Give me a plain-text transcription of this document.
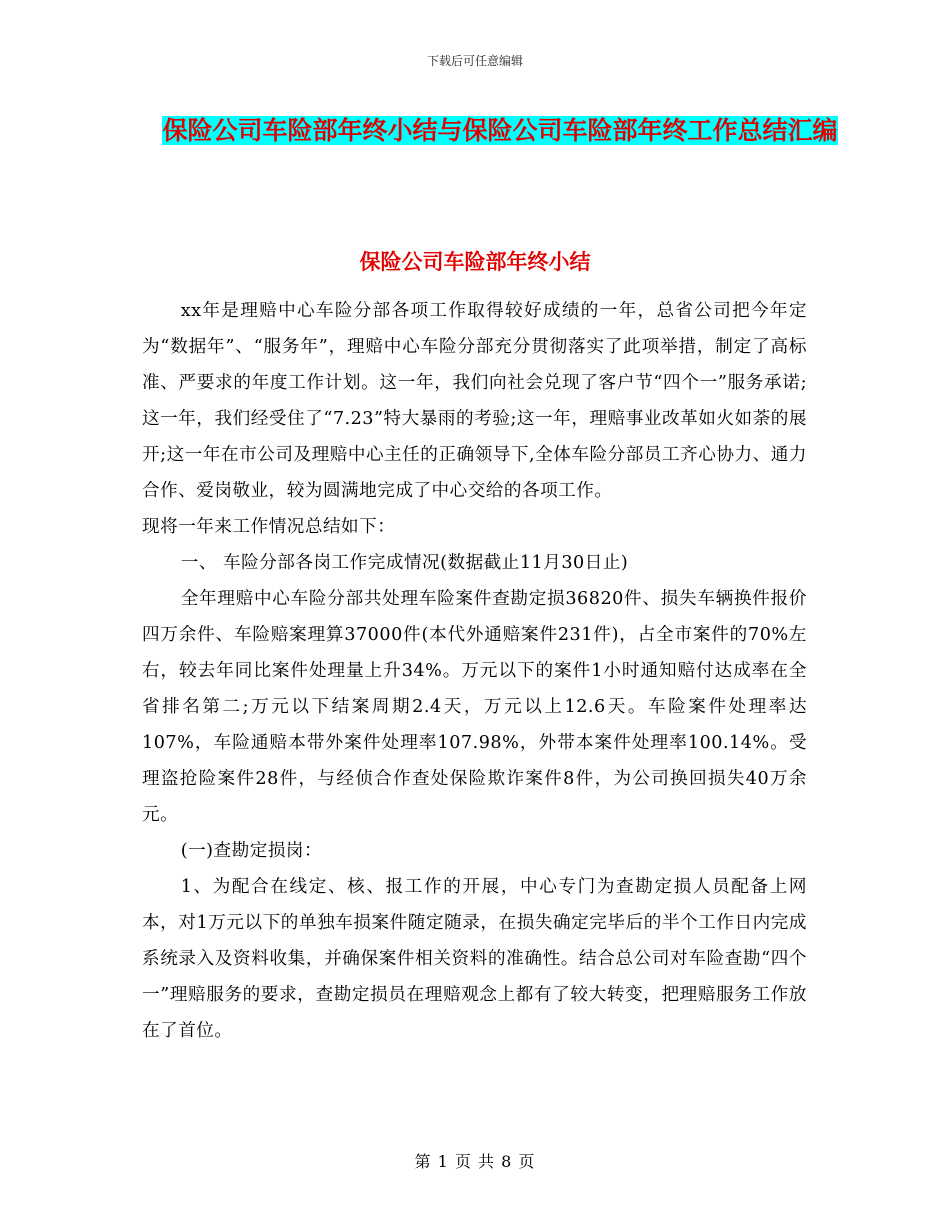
下载后可任意编辑
保险公司车险部年终小结与保险公司车险部年终工作总结汇编
保险公司车险部年终小结

xx年是理赔中心车险分部各项工作取得较好成绩的一年，总省公司把今年定为“数据年”、“服务年”，理赔中心车险分部充分贯彻落实了此项举措，制定了高标准、严要求的年度工作计划。这一年，我们向社会兑现了客户节“四个一”服务承诺;这一年，我们经受住了“7.23”特大暴雨的考验;这一年，理赔事业改革如火如荼的展开;这一年在市公司及理赔中心主任的正确领导下,全体车险分部员工齐心协力、通力合作、爱岗敬业，较为圆满地完成了中心交给的各项工作。

现将一年来工作情况总结如下：

一、 车险分部各岗工作完成情况(数据截止11月30日止)

全年理赔中心车险分部共处理车险案件查勘定损36820件、损失车辆换件报价四万余件、车险赔案理算37000件(本代外通赔案件231件)，占全市案件的70%左右，较去年同比案件处理量上升34%。万元以下的案件1小时通知赔付达成率在全省排名第二;万元以下结案周期2.4天，万元以上12.6天。车险案件处理率达107%，车险通赔本带外案件处理率107.98%，外带本案件处理率100.14%。受理盗抢险案件28件，与经侦合作查处保险欺诈案件8件，为公司换回损失40万余元。

(一)查勘定损岗：

1、为配合在线定、核、报工作的开展，中心专门为查勘定损人员配备上网本，对1万元以下的单独车损案件随定随录，在损失确定完毕后的半个工作日内完成系统录入及资料收集，并确保案件相关资料的准确性。结合总公司对车险查勘“四个一”理赔服务的要求，查勘定损员在理赔观念上都有了较大转变，把理赔服务工作放在了首位。

第 1 页 共 8 页
